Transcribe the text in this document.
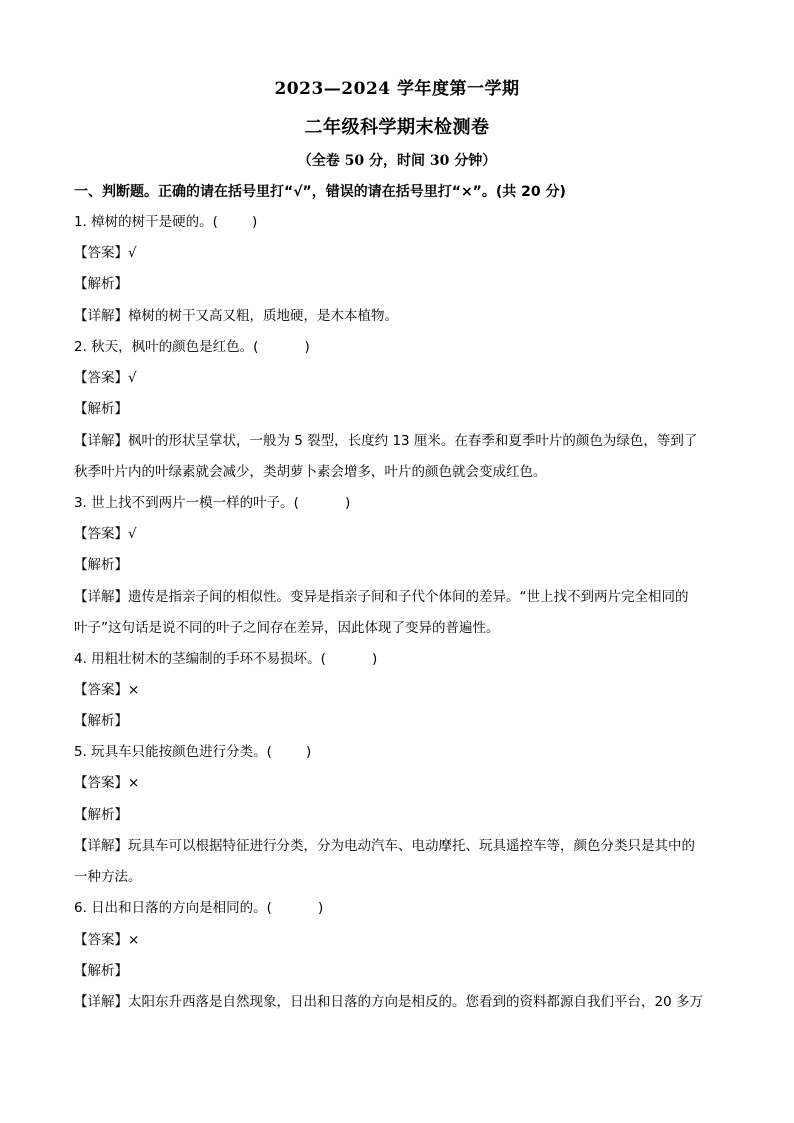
2023—2024 学年度第一学期
二年级科学期末检测卷
（全卷 50 分，时间 30 分钟）
一、判断题。正确的请在括号里打“√”，错误的请在括号里打“×”。(共 20 分)
1. 樟树的树干是硬的。(	)
【答案】√
【解析】
【详解】樟树的树干又高又粗，质地硬，是木本植物。
2. 秋天，枫叶的颜色是红色。(	)
【答案】√
【解析】
【详解】枫叶的形状呈掌状，一般为 5 裂型，长度约 13 厘米。在春季和夏季叶片的颜色为绿色，等到了
秋季叶片内的叶绿素就会减少，类胡萝卜素会增多，叶片的颜色就会变成红色。
3. 世上找不到两片一模一样的叶子。(	)
【答案】√
【解析】
【详解】遗传是指亲子间的相似性。变异是指亲子间和子代个体间的差异。“世上找不到两片完全相同的
叶子”这句话是说不同的叶子之间存在差异，因此体现了变异的普遍性。
4. 用粗壮树木的茎编制的手环不易损坏。(	)
【答案】×
【解析】
5. 玩具车只能按颜色进行分类。(	)
【答案】×
【解析】
【详解】玩具车可以根据特征进行分类，分为电动汽车、电动摩托、玩具遥控车等，颜色分类只是其中的
一种方法。
6. 日出和日落的方向是相同的。(	)
【答案】×
【解析】
【详解】太阳东升西落是自然现象，日出和日落的方向是相反的。您看到的资料都源自我们平台，20 多万
